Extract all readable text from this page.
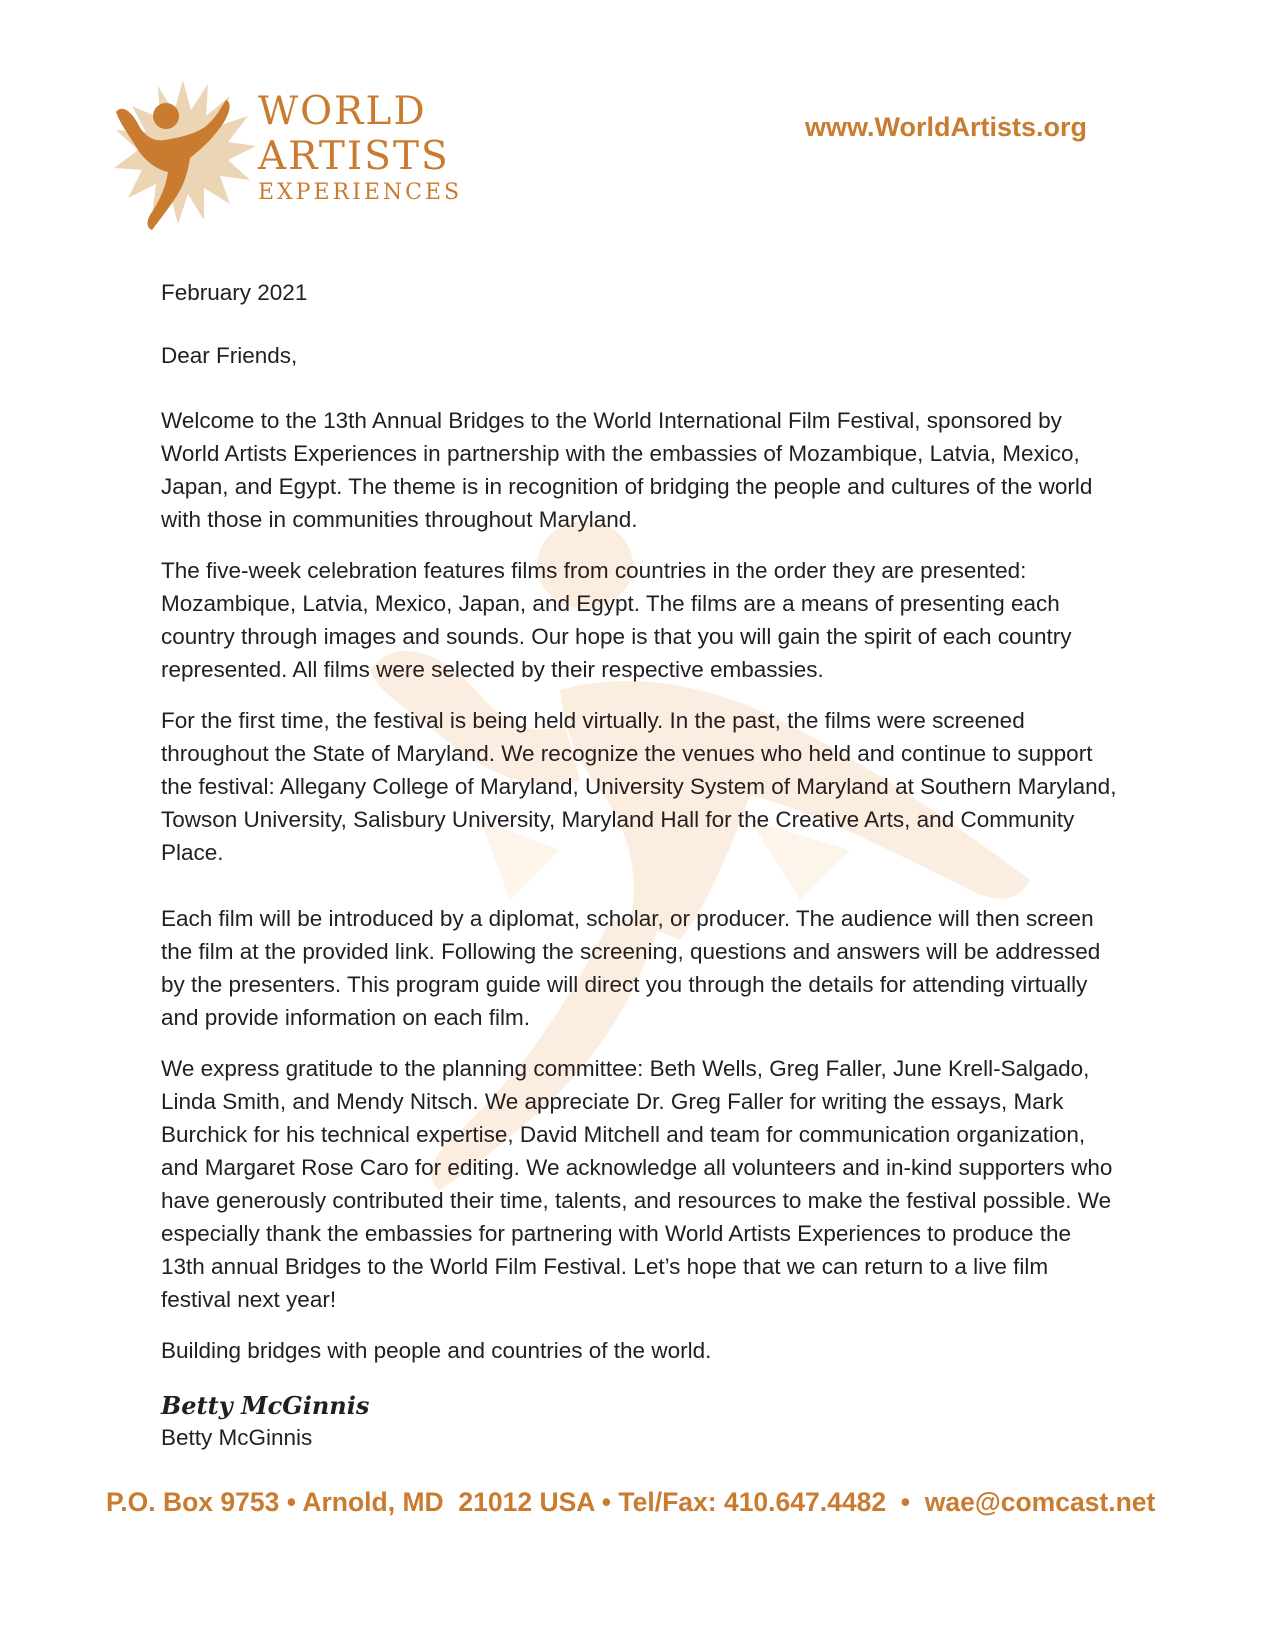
WORLD
ARTISTS
EXPERIENCES
www.WorldArtists.org

February 2021

Dear Friends,

Welcome to the 13th Annual Bridges to the World International Film Festival, sponsored by World Artists Experiences in partnership with the embassies of Mozambique, Latvia, Mexico, Japan, and Egypt. The theme is in recognition of bridging the people and cultures of the world with those in communities throughout Maryland.

The five-week celebration features films from countries in the order they are presented: Mozambique, Latvia, Mexico, Japan, and Egypt. The films are a means of presenting each country through images and sounds. Our hope is that you will gain the spirit of each country represented. All films were selected by their respective embassies.

For the first time, the festival is being held virtually. In the past, the films were screened throughout the State of Maryland. We recognize the venues who held and continue to support the festival: Allegany College of Maryland, University System of Maryland at Southern Maryland, Towson University, Salisbury University, Maryland Hall for the Creative Arts, and Community Place.

Each film will be introduced by a diplomat, scholar, or producer. The audience will then screen the film at the provided link. Following the screening, questions and answers will be addressed by the presenters. This program guide will direct you through the details for attending virtually and provide information on each film.

We express gratitude to the planning committee: Beth Wells, Greg Faller, June Krell-Salgado, Linda Smith, and Mendy Nitsch. We appreciate Dr. Greg Faller for writing the essays, Mark Burchick for his technical expertise, David Mitchell and team for communication organization, and Margaret Rose Caro for editing. We acknowledge all volunteers and in-kind supporters who have generously contributed their time, talents, and resources to make the festival possible. We especially thank the embassies for partnering with World Artists Experiences to produce the 13th annual Bridges to the World Film Festival. Let’s hope that we can return to a live film festival next year!

Building bridges with people and countries of the world.

Betty McGinnis

Betty McGinnis

P.O. Box 9753 • Arnold, MD  21012 USA • Tel/Fax: 410.647.4482  •  wae@comcast.net
